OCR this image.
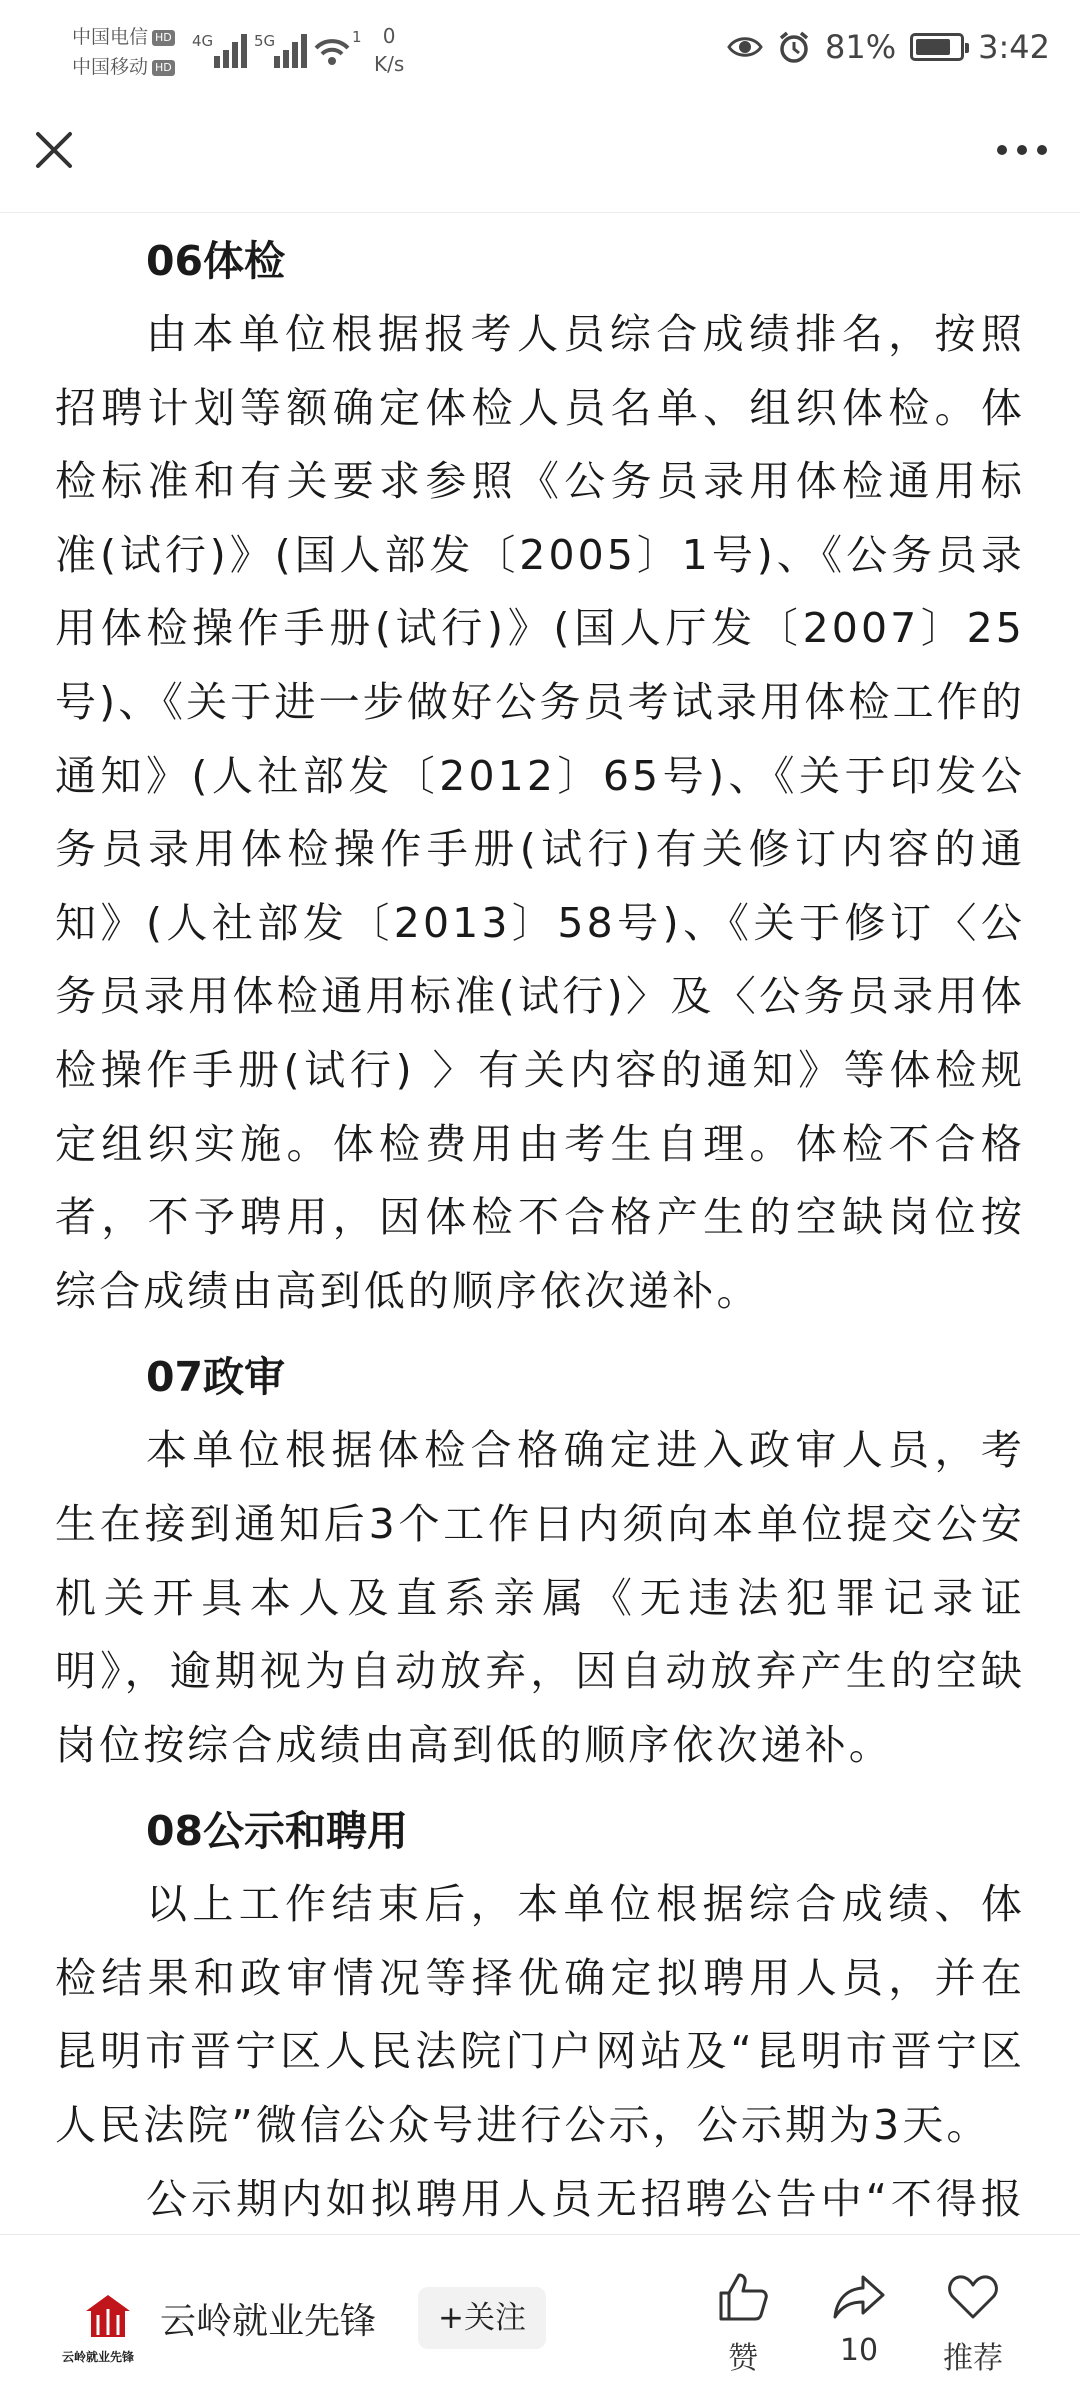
中国电信 HD
中国移动 HD
4G	5G	1	0
K/s	81%	3:42
06体检

由本单位根据报考人员综合成绩排名，按照招聘计划等额确定体检人员名单、组织体检。体检标准和有关要求参照《公务员录用体检通用标准(试行)》(国人部发〔2005〕1号)、《公务员录用体检操作手册(试行)》(国人厅发〔2007〕25号)、《关于进一步做好公务员考试录用体检工作的通知》(人社部发〔2012〕65号)、《关于印发公务员录用体检操作手册(试行)有关修订内容的通知》(人社部发〔2013〕58号)、《关于修订〈公务员录用体检通用标准(试行)〉及〈公务员录用体检操作手册(试行) 〉有关内容的通知》等体检规定组织实施。体检费用由考生自理。体检不合格者，不予聘用，因体检不合格产生的空缺岗位按综合成绩由高到低的顺序依次递补。

07政审

本单位根据体检合格确定进入政审人员，考生在接到通知后3个工作日内须向本单位提交公安机关开具本人及直系亲属《无违法犯罪记录证明》，逾期视为自动放弃，因自动放弃产生的空缺岗位按综合成绩由高到低的顺序依次递补。

08公示和聘用

以上工作结束后，本单位根据综合成绩、体检结果和政审情况等择优确定拟聘用人员，并在昆明市晋宁区人民法院门户网站及“昆明市晋宁区人民法院”微信公众号进行公示，公示期为3天。

公示期内如拟聘用人员无招聘公告中“不得报

云岭就业先锋
云岭就业先锋	+关注
赞	10	推荐
